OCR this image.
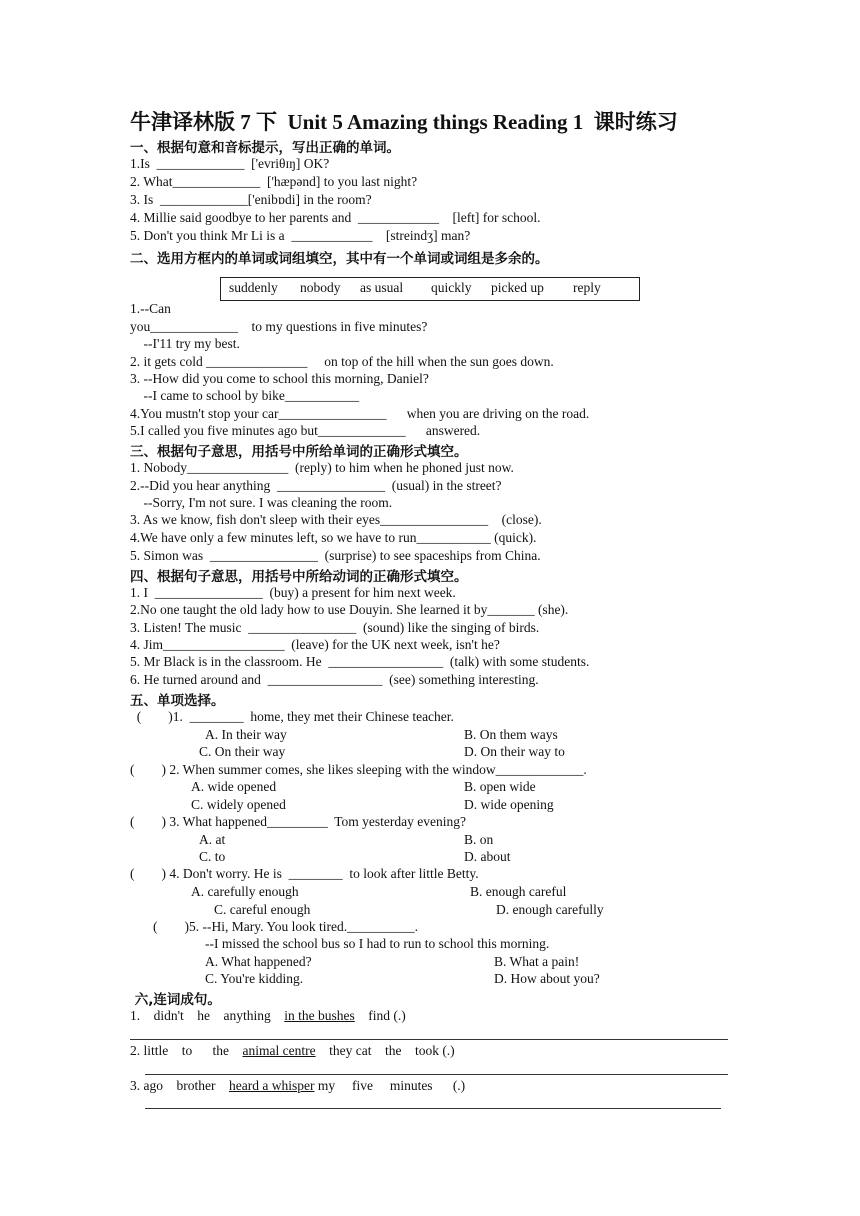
牛津译林版 7 下  Unit 5 Amazing things Reading 1  课时练习
一、根据句意和音标提示，写出正确的单词。
1.Is  _____________  ['evriθɪŋ] OK?
2. What_____________  ['hæpənd] to you last night?
3. Is  _____________['enibɒdi] in the room?
4. Millie said goodbye to her parents and  ____________    [left] for school.
5. Don't you think Mr Li is a  ____________    [streindʒ] man?
二、选用方框内的单词或词组填空，其中有一个单词或词组是多余的。
suddenly nobody as usual quickly picked up reply
1.--Can
you_____________    to my questions in five minutes?
--I'11 try my best.
2. it gets cold _______________     on top of the hill when the sun goes down.
3. --How did you come to school this morning, Daniel?
--I came to school by bike___________
4.You mustn't stop your car________________      when you are driving on the road.
5.I called you five minutes ago but_____________      answered.
三、根据句子意思，用括号中所给单词的正确形式填空。
1. Nobody_______________  (reply) to him when he phoned just now.
2.--Did you hear anything  ________________  (usual) in the street?
--Sorry, I'm not sure. I was cleaning the room.
3. As we know, fish don't sleep with their eyes________________    (close).
4.We have only a few minutes left, so we have to run___________ (quick).
5. Simon was  ________________  (surprise) to see spaceships from China.
四、根据句子意思，用括号中所给动词的正确形式填空。
1. I  ________________  (buy) a present for him next week.
2.No one taught the old lady how to use Douyin. She learned it by_______ (she).
3. Listen! The music  ________________  (sound) like the singing of birds.
4. Jim__________________  (leave) for the UK next week, isn't he?
5. Mr Black is in the classroom. He  _________________  (talk) with some students.
6. He turned around and  _________________  (see) something interesting.
五、单项选择。
(        )1.  ________  home, they met their Chinese teacher.
A. In their way	B. On them ways
C. On their way	D. On their way to
(        ) 2. When summer comes, she likes sleeping with the window_____________.
A. wide opened	B. open wide
C. widely opened	D. wide opening
(        ) 3. What happened_________  Tom yesterday evening?
A. at	B. on
C. to	D. about
(        ) 4. Don't worry. He is  ________  to look after little Betty.
A. carefully enough	B. enough careful
C. careful enough	D. enough carefully
(        )5. --Hi, Mary. You look tired.__________.
--I missed the school bus so I had to run to school this morning.
A. What happened?	B. What a pain!
C. You're kidding.	D. How about you?
六,连词成句。
1.    didn't    he    anything    in the bushes    find (.)
2. little    to      the    animal centre    they cat    the    took (.)
3. ago    brother    heard a whisper my     five     minutes      (.)
